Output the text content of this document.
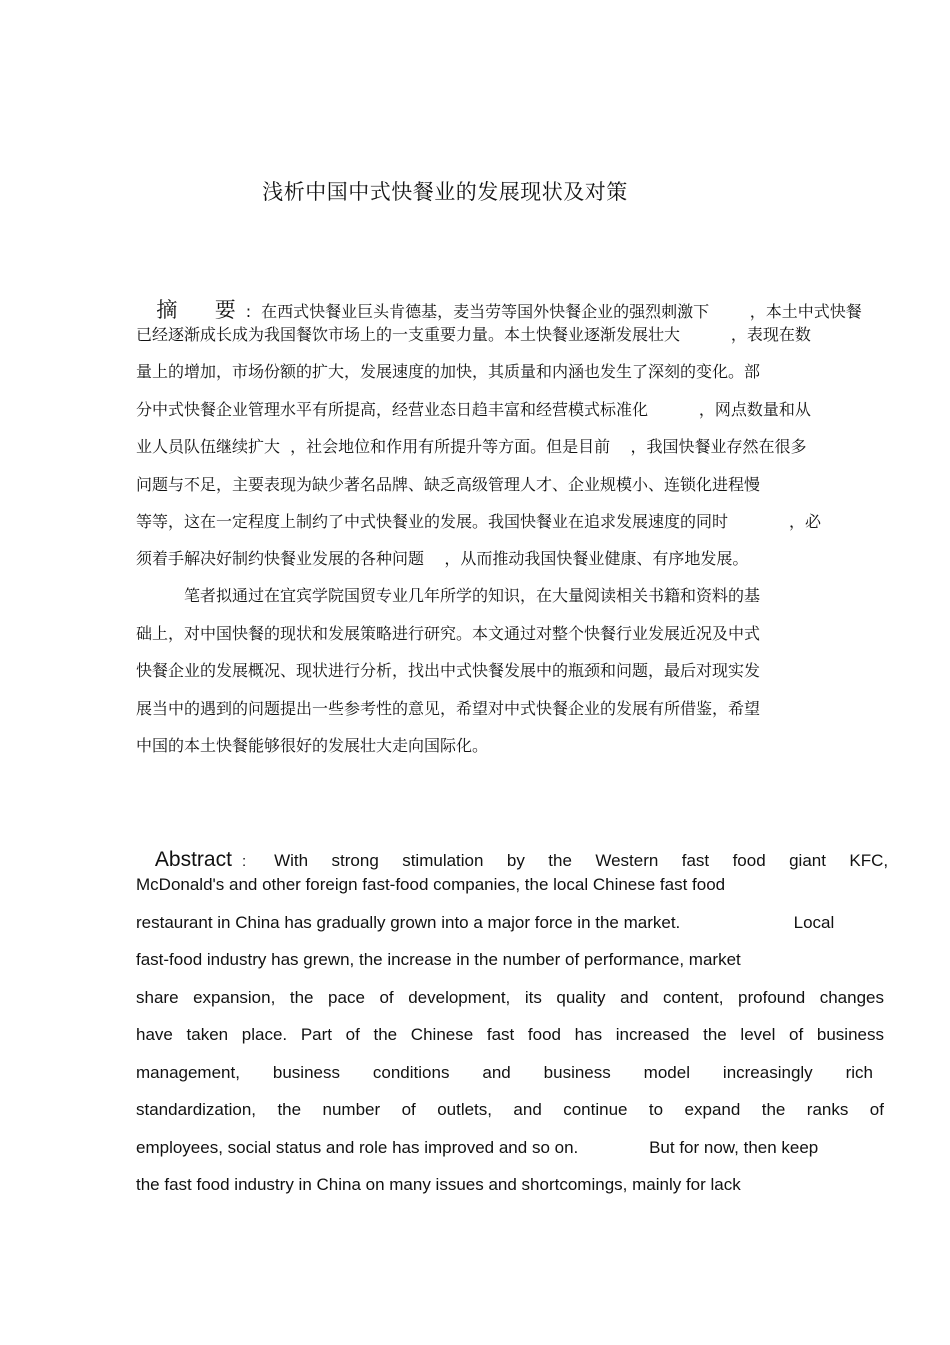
浅析中国中式快餐业的发展现状及对策

摘  要 : 在西式快餐业巨头肯德基，麦当劳等国外快餐企业的强烈刺激下        ，本土中式快餐

已经逐渐成长成为我国餐饮市场上的一支重要力量。本土快餐业逐渐发展壮大          ，表现在数
量上的增加，市场份额的扩大，发展速度的加快，其质量和内涵也发生了深刻的变化。部
分中式快餐企业管理水平有所提高，经营业态日趋丰富和经营模式标准化          ，网点数量和从
业人员队伍继续扩大  ，社会地位和作用有所提升等方面。但是目前    ，我国快餐业存然在很多
问题与不足，主要表现为缺少著名品牌、缺乏高级管理人才、企业规模小、连锁化进程慢
等等，这在一定程度上制约了中式快餐业的发展。我国快餐业在追求发展速度的同时            ，必
须着手解决好制约快餐业发展的各种问题    ，从而推动我国快餐业健康、有序地发展。
笔者拟通过在宜宾学院国贸专业几年所学的知识，在大量阅读相关书籍和资料的基
础上，对中国快餐的现状和发展策略进行研究。本文通过对整个快餐行业发展近况及中式
快餐企业的发展概况、现状进行分析，找出中式快餐发展中的瓶颈和问题，最后对现实发
展当中的遇到的问题提出一些参考性的意见，希望对中式快餐企业的发展有所借鉴，希望
中国的本土快餐能够很好的发展壮大走向国际化。

Abstract : With strong stimulation by the Western fast food giant KFC,

McDonald's and other foreign fast-food companies, the local Chinese fast food
restaurant in China has gradually grown into a major force in the market.                        Local
fast-food industry has grewn, the increase in the number of performance, market
share expansion, the pace of development, its quality and content, profound changes
have taken place. Part of the Chinese fast food has increased the level of business
management, business conditions and business model increasingly rich
standardization, the number of outlets, and continue to expand the ranks of
employees, social status and role has improved and so on.               But for now, then keep
the fast food industry in China on many issues and shortcomings, mainly for lack
